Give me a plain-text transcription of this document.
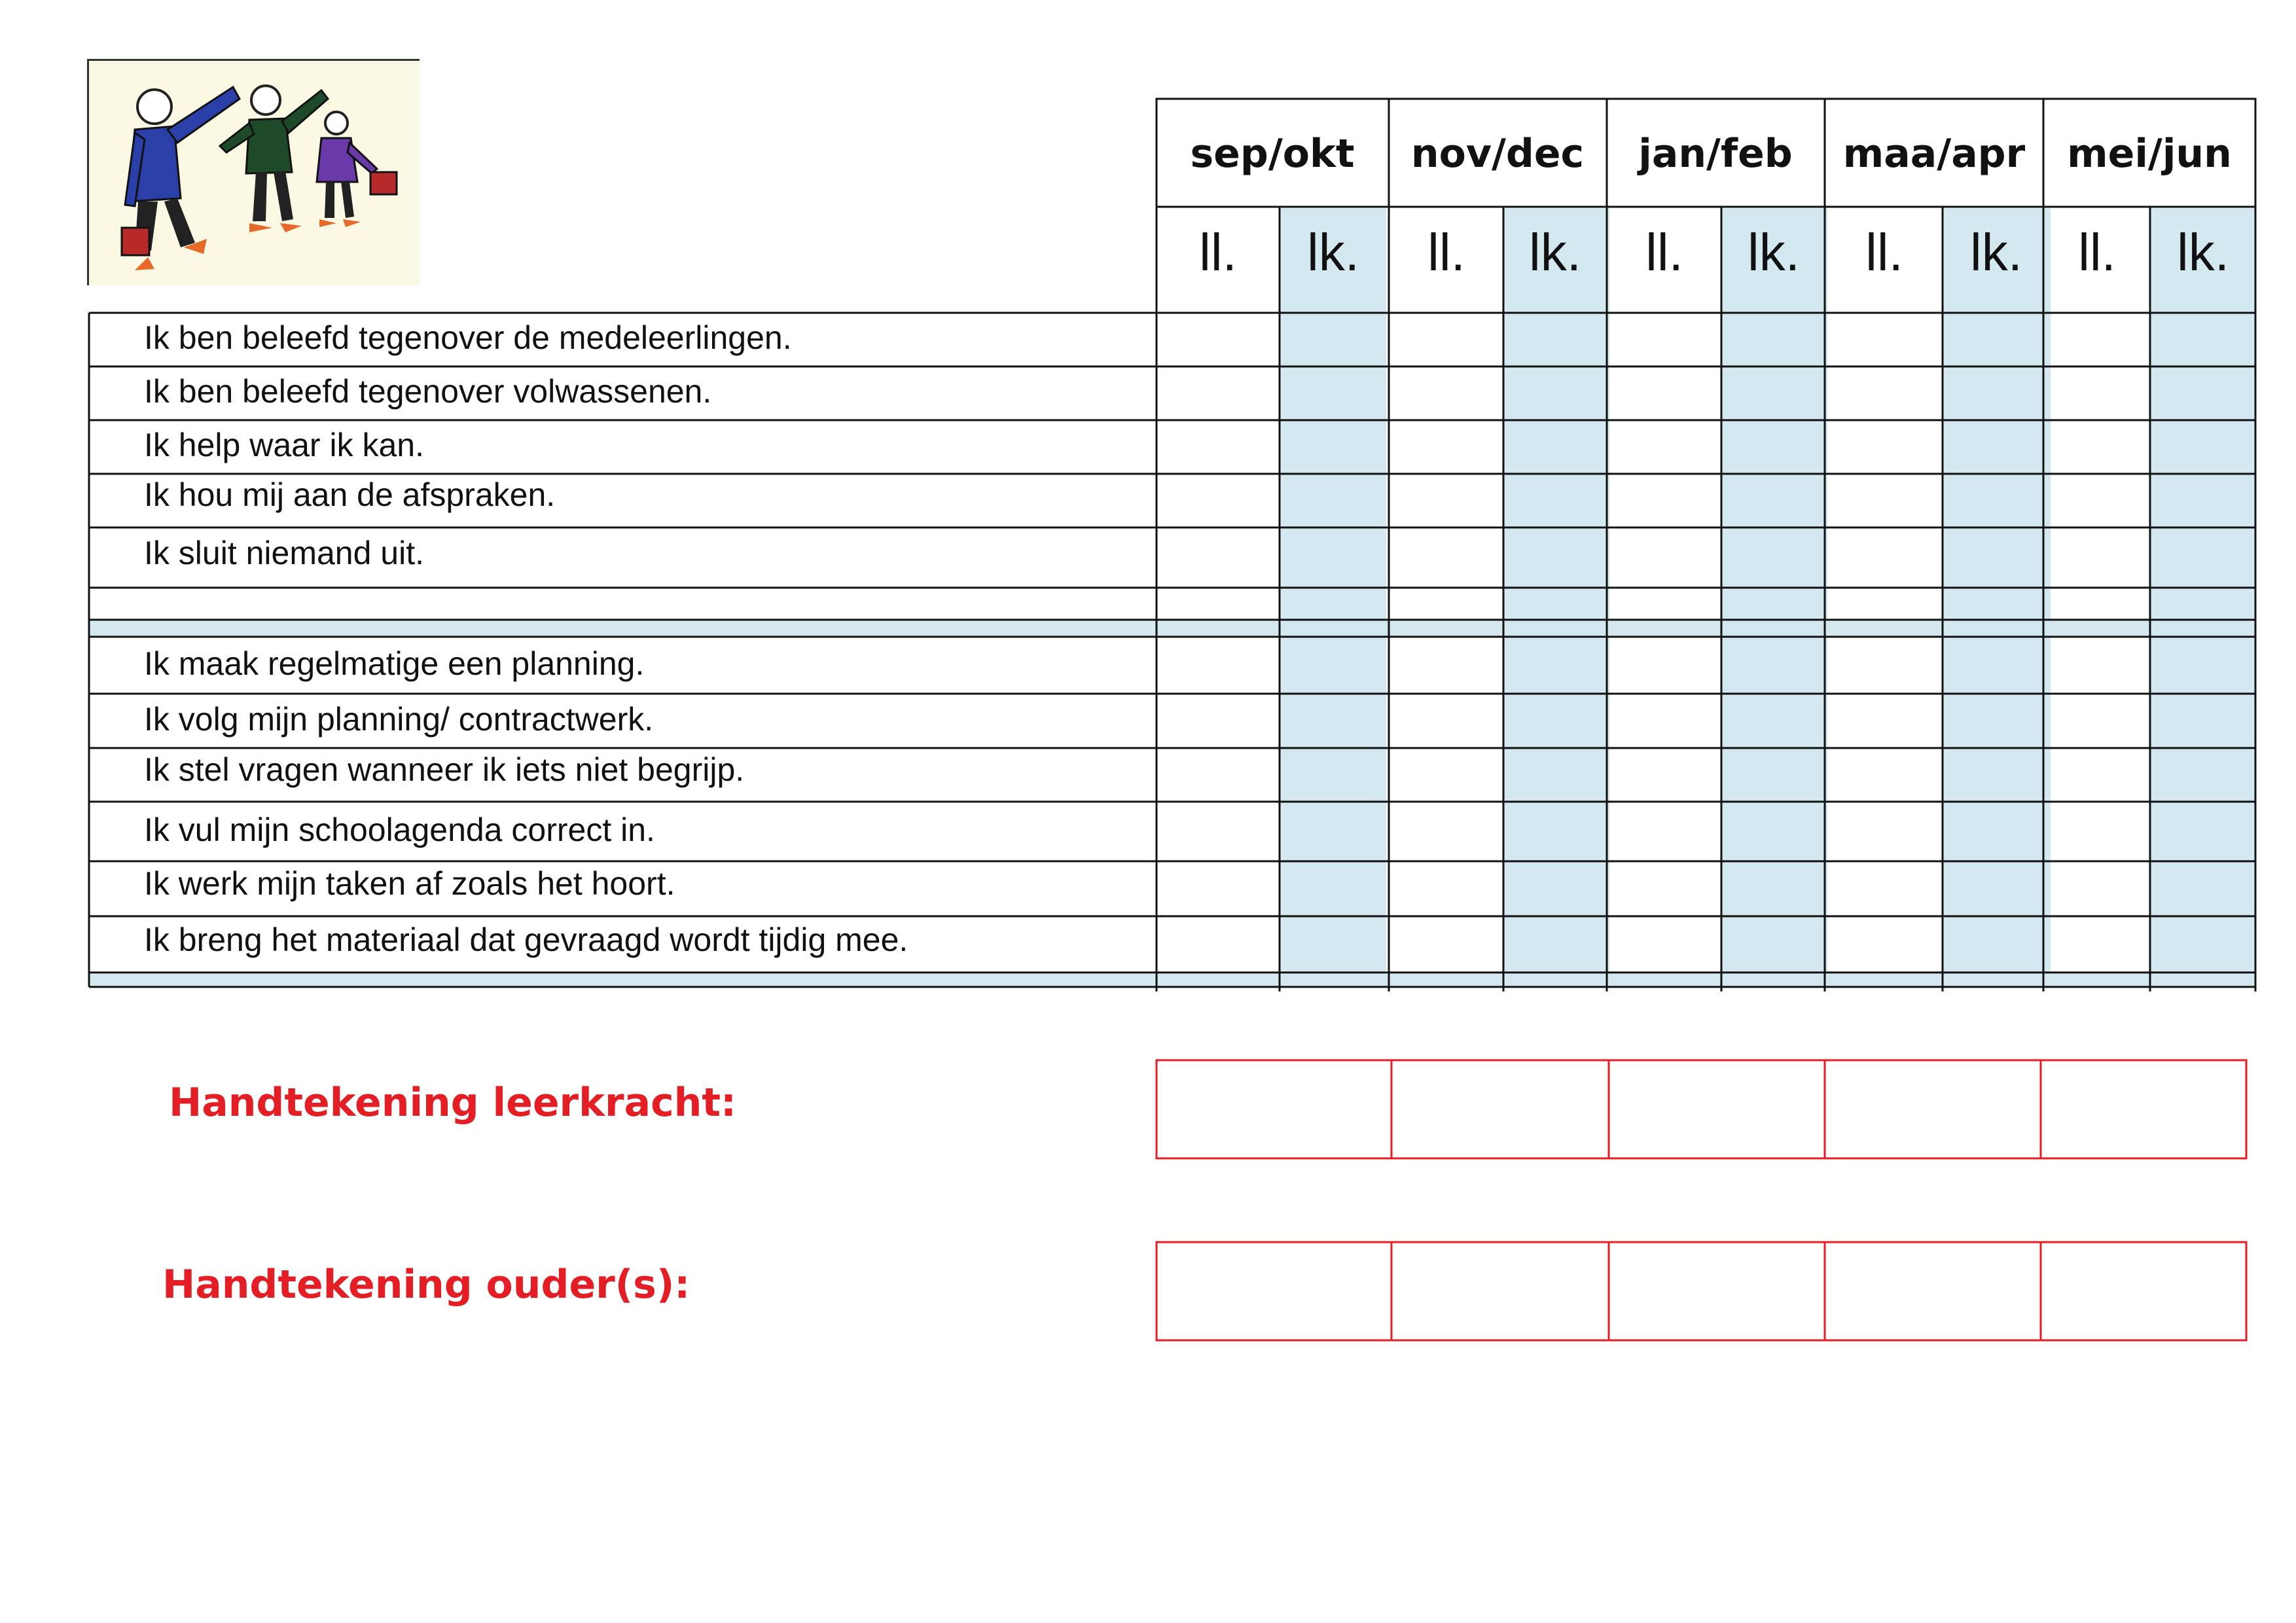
sep/okt nov/dec jan/feb maa/apr mei/jun
ll. lk. ll. lk. ll. lk. ll. lk. ll. lk.
Ik ben beleefd tegenover de medeleerlingen.
Ik ben beleefd tegenover volwassenen.
Ik help waar ik kan.
Ik hou mij aan de afspraken.
Ik sluit niemand uit.
Ik maak regelmatige een planning.
Ik volg mijn planning/ contractwerk.
Ik stel vragen wanneer ik iets niet begrijp.
Ik vul mijn schoolagenda correct in.
Ik werk mijn taken af zoals het hoort.
Ik breng het materiaal dat gevraagd wordt tijdig mee.
Handtekening leerkracht:
Handtekening ouder(s):
